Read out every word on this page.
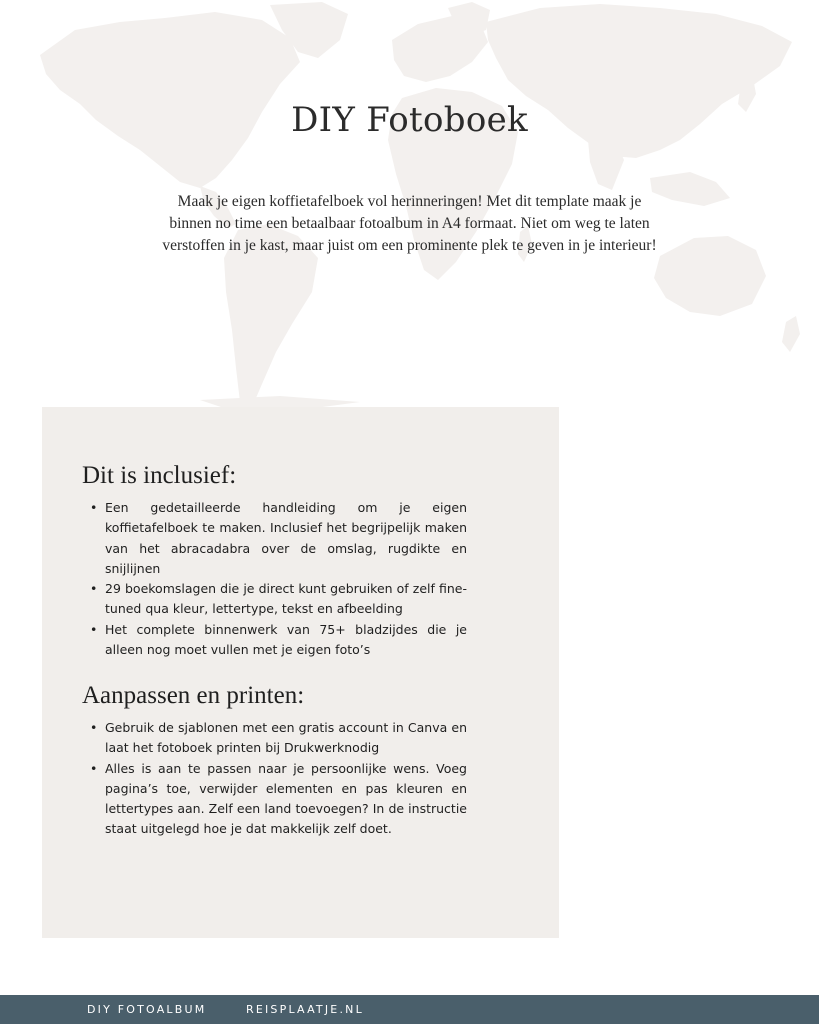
DIY Fotoboek

Maak je eigen koffietafelboek vol herinneringen! Met dit template maak je binnen no time een betaalbaar fotoalbum in A4 formaat. Niet om weg te laten verstoffen in je kast, maar juist om een prominente plek te geven in je interieur!

Dit is inclusief:
• Een gedetailleerde handleiding om je eigen koffietafelboek te maken. Inclusief het begrijpelijk maken van het abracadabra over de omslag, rugdikte en snijlijnen
• 29 boekomslagen die je direct kunt gebruiken of zelf fine-tuned qua kleur, lettertype, tekst en afbeelding
• Het complete binnenwerk van 75+ bladzijdes die je alleen nog moet vullen met je eigen foto’s
Aanpassen en printen:
• Gebruik de sjablonen met een gratis account in Canva en laat het fotoboek printen bij Drukwerknodig
• Alles is aan te passen naar je persoonlijke wens. Voeg pagina’s toe, verwijder elementen en pas kleuren en lettertypes aan. Zelf een land toevoegen? In de instructie staat uitgelegd hoe je dat makkelijk zelf doet.
DIY FOTOALBUM	REISPLAATJE.NL
